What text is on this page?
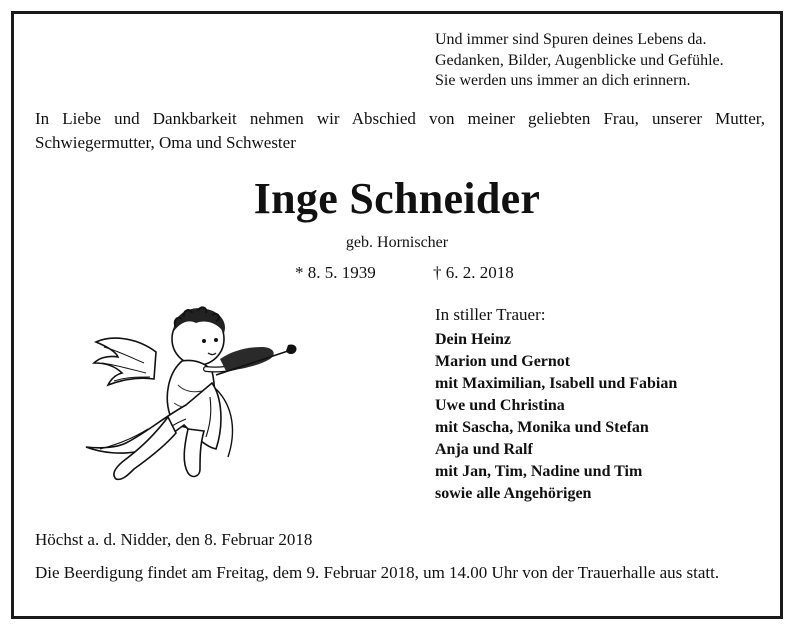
Und immer sind Spuren deines Lebens da.
Gedanken, Bilder, Augenblicke und Gefühle.
Sie werden uns immer an dich erinnern.
In Liebe und Dankbarkeit nehmen wir Abschied von meiner geliebten Frau, unserer Mutter, Schwiegermutter, Oma und Schwester
Inge Schneider
geb. Hornischer
* 8. 5. 1939	† 6. 2. 2018
In stiller Trauer:
Dein Heinz
Marion und Gernot
mit Maximilian, Isabell und Fabian
Uwe und Christina
mit Sascha, Monika und Stefan
Anja und Ralf
mit Jan, Tim, Nadine und Tim
sowie alle Angehörigen
Höchst a. d. Nidder, den 8. Februar 2018
Die Beerdigung findet am Freitag, dem 9. Februar 2018, um 14.00 Uhr von der Trauerhalle aus statt.
